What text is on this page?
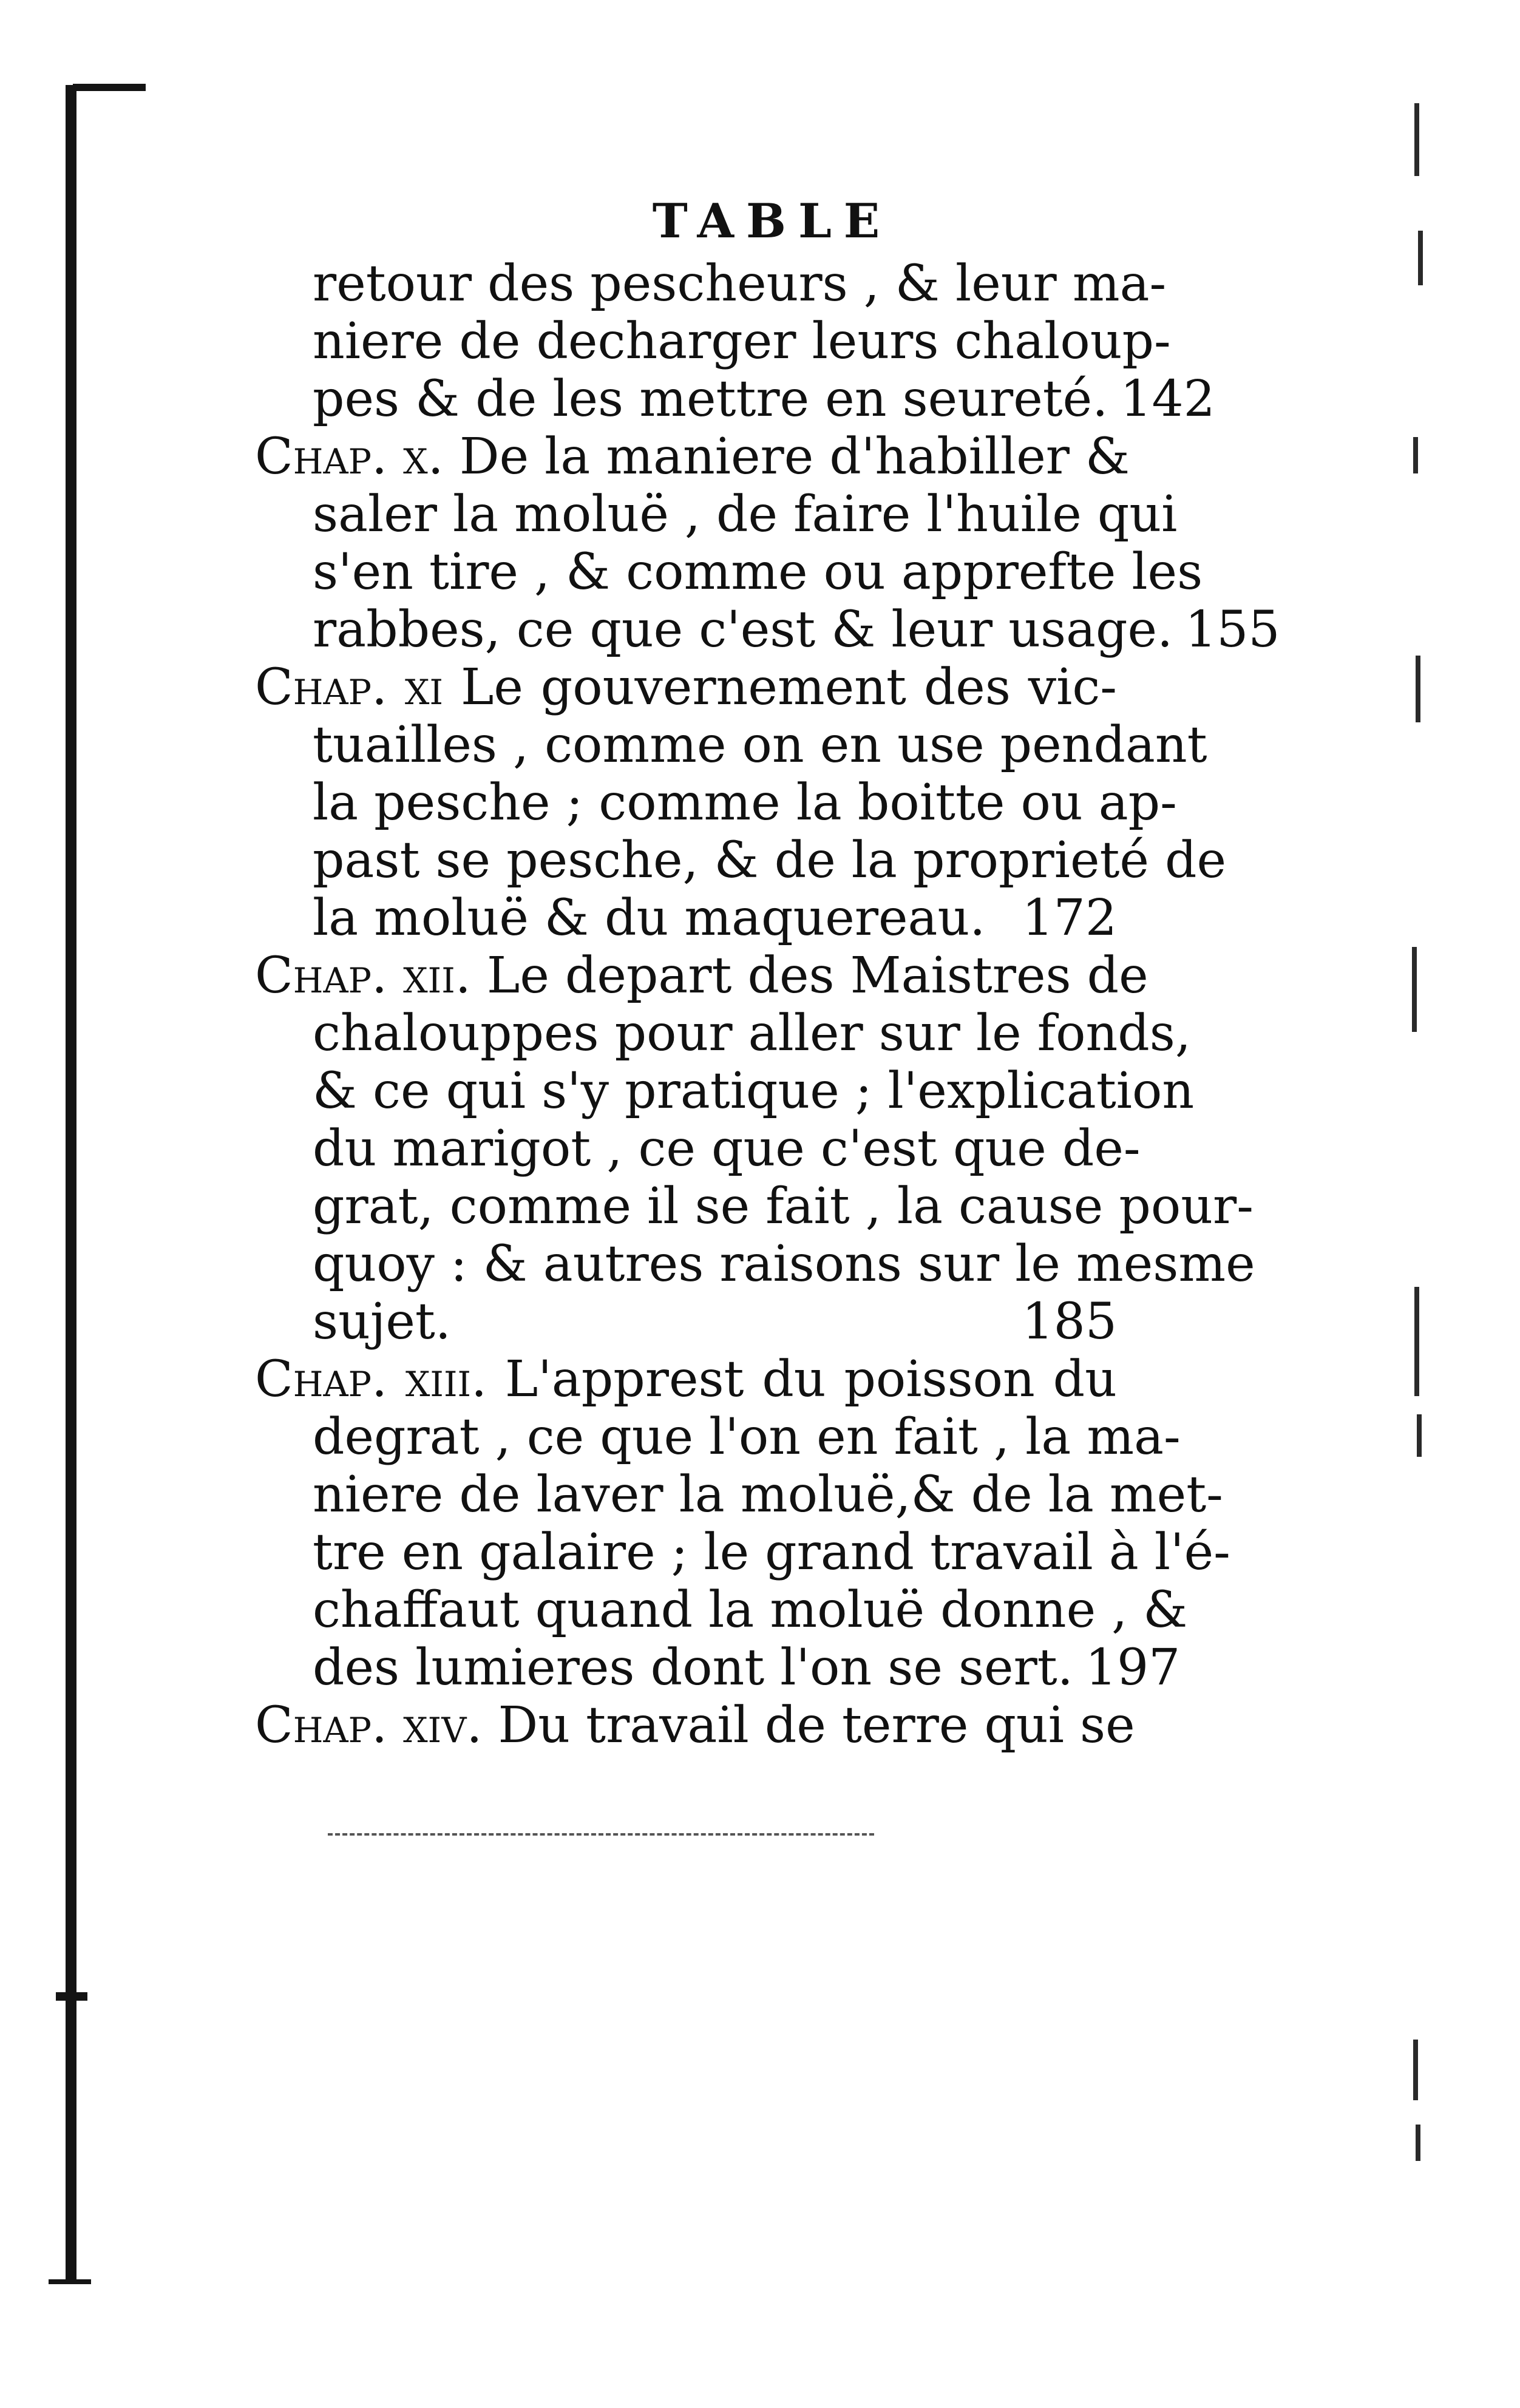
TABLE
retour des pescheurs , & leur ma-
niere de decharger leurs chaloup-
pes & de les mettre en seureté. 142
Chap. x. De la maniere d'habiller &
saler la moluë , de faire l'huile qui
s'en tire , & comme ou apprefte les
rabbes, ce que c'est & leur usage. 155
Chap. xi Le gouvernement des vic-
tuailles , comme on en use pendant
la pesche ; comme la boitte ou ap-
past se pesche, & de la proprieté de
la moluë & du maquereau. 172
Chap. xii. Le depart des Maistres de
chalouppes pour aller sur le fonds,
& ce qui s'y pratique ; l'explication
du marigot , ce que c'est que de-
grat, comme il se fait , la cause pour-
quoy : & autres raisons sur le mesme
sujet.	185
Chap. xiii. L'apprest du poisson du
degrat , ce que l'on en fait , la ma-
niere de laver la moluë,& de la met-
tre en galaire ; le grand travail à l'é-
chaffaut quand la moluë donne , &
des lumieres dont l'on se sert. 197
Chap. xiv. Du travail de terre qui se
